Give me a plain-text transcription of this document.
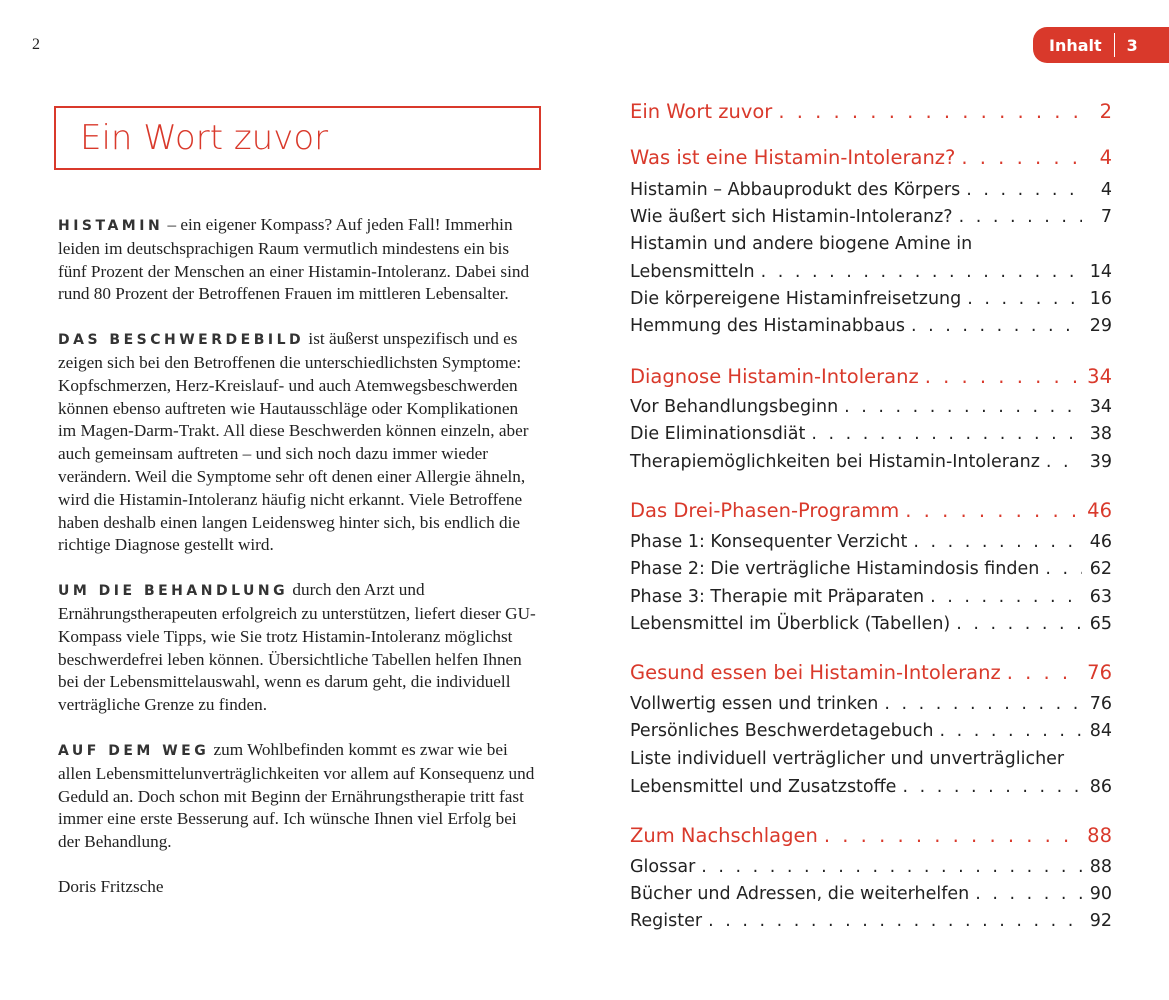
2	Inhalt 3
Ein Wort zuvor

HISTAMIN – ein eigener Kompass? Auf jeden Fall! Immerhin leiden im deutschsprachigen Raum vermutlich mindestens ein bis fünf Prozent der Menschen an einer Histamin-Intoleranz. Dabei sind rund 80 Prozent der Betroffenen Frauen im mittleren Lebensalter.

DAS BESCHWERDEBILD ist äußerst unspezifisch und es zeigen sich bei den Betroffenen die unterschiedlichsten Symptome: Kopfschmerzen, Herz-Kreislauf- und auch Atemwegsbeschwerden können ebenso auftreten wie Hautausschläge oder Komplikationen im Magen-Darm-Trakt. All diese Beschwerden können einzeln, aber auch gemeinsam auftreten – und sich noch dazu immer wieder verändern. Weil die Symptome sehr oft denen einer Allergie ähneln, wird die Histamin-Intoleranz häufig nicht erkannt. Viele Betroffene haben deshalb einen langen Leidensweg hinter sich, bis endlich die richtige Diagnose gestellt wird.

UM DIE BEHANDLUNG durch den Arzt und Ernährungstherapeuten erfolgreich zu unterstützen, liefert dieser GU-Kompass viele Tipps, wie Sie trotz Histamin-Intoleranz möglichst beschwerdefrei leben können. Übersichtliche Tabellen helfen Ihnen bei der Lebensmittelauswahl, wenn es darum geht, die individuell verträgliche Grenze zu finden.

AUF DEM WEG zum Wohlbefinden kommt es zwar wie bei allen Lebensmittelunverträglichkeiten vor allem auf Konsequenz und Geduld an. Doch schon mit Beginn der Ernährungstherapie tritt fast immer eine erste Besserung auf. Ich wünsche Ihnen viel Erfolg bei der Behandlung.

Doris Fritzsche

Ein Wort zuvor . . .	2
Was ist eine Histamin-Intoleranz? . . .	4
Histamin – Abbauprodukt des Körpers . . .	4
Wie äußert sich Histamin-Intoleranz? . . .	7
Histamin und andere biogene Amine in
Lebensmitteln . . .	14
Die körpereigene Histaminfreisetzung . . .	16
Hemmung des Histaminabbaus . . .	29
Diagnose Histamin-Intoleranz . . .	34
Vor Behandlungsbeginn . . .	34
Die Eliminationsdiät . . .	38
Therapiemöglichkeiten bei Histamin-Intoleranz . . .	39
Das Drei-Phasen-Programm . . .	46
Phase 1: Konsequenter Verzicht . . .	46
Phase 2: Die verträgliche Histamindosis finden . . .	62
Phase 3: Therapie mit Präparaten . . .	63
Lebensmittel im Überblick (Tabellen) . . .	65
Gesund essen bei Histamin-Intoleranz . . .	76
Vollwertig essen und trinken . . .	76
Persönliches Beschwerdetagebuch . . .	84
Liste individuell verträglicher und unverträglicher
Lebensmittel und Zusatzstoffe . . .	86
Zum Nachschlagen . . .	88
Glossar . . .	88
Bücher und Adressen, die weiterhelfen . . .	90
Register . . .	92
